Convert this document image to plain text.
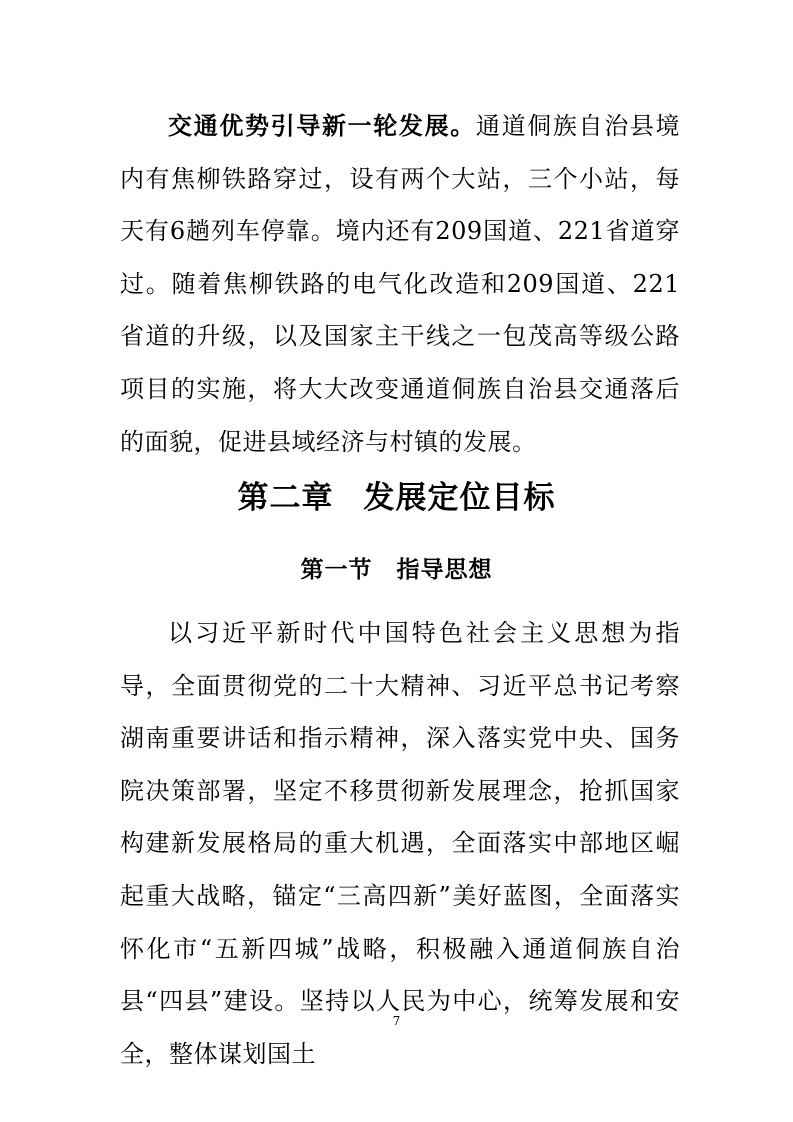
交通优势引导新一轮发展。通道侗族自治县境内有焦柳铁路穿过，设有两个大站，三个小站，每天有6趟列车停靠。境内还有209国道、221省道穿过。随着焦柳铁路的电气化改造和209国道、221省道的升级，以及国家主干线之一包茂高等级公路项目的实施，将大大改变通道侗族自治县交通落后的面貌，促进县域经济与村镇的发展。

第二章 发展定位目标
第一节 指导思想

以习近平新时代中国特色社会主义思想为指导，全面贯彻党的二十大精神、习近平总书记考察湖南重要讲话和指示精神，深入落实党中央、国务院决策部署，坚定不移贯彻新发展理念，抢抓国家构建新发展格局的重大机遇，全面落实中部地区崛起重大战略，锚定“三高四新”美好蓝图，全面落实怀化市“五新四城”战略，积极融入通道侗族自治县“四县”建设。坚持以人民为中心，统筹发展和安全，整体谋划国土

7
